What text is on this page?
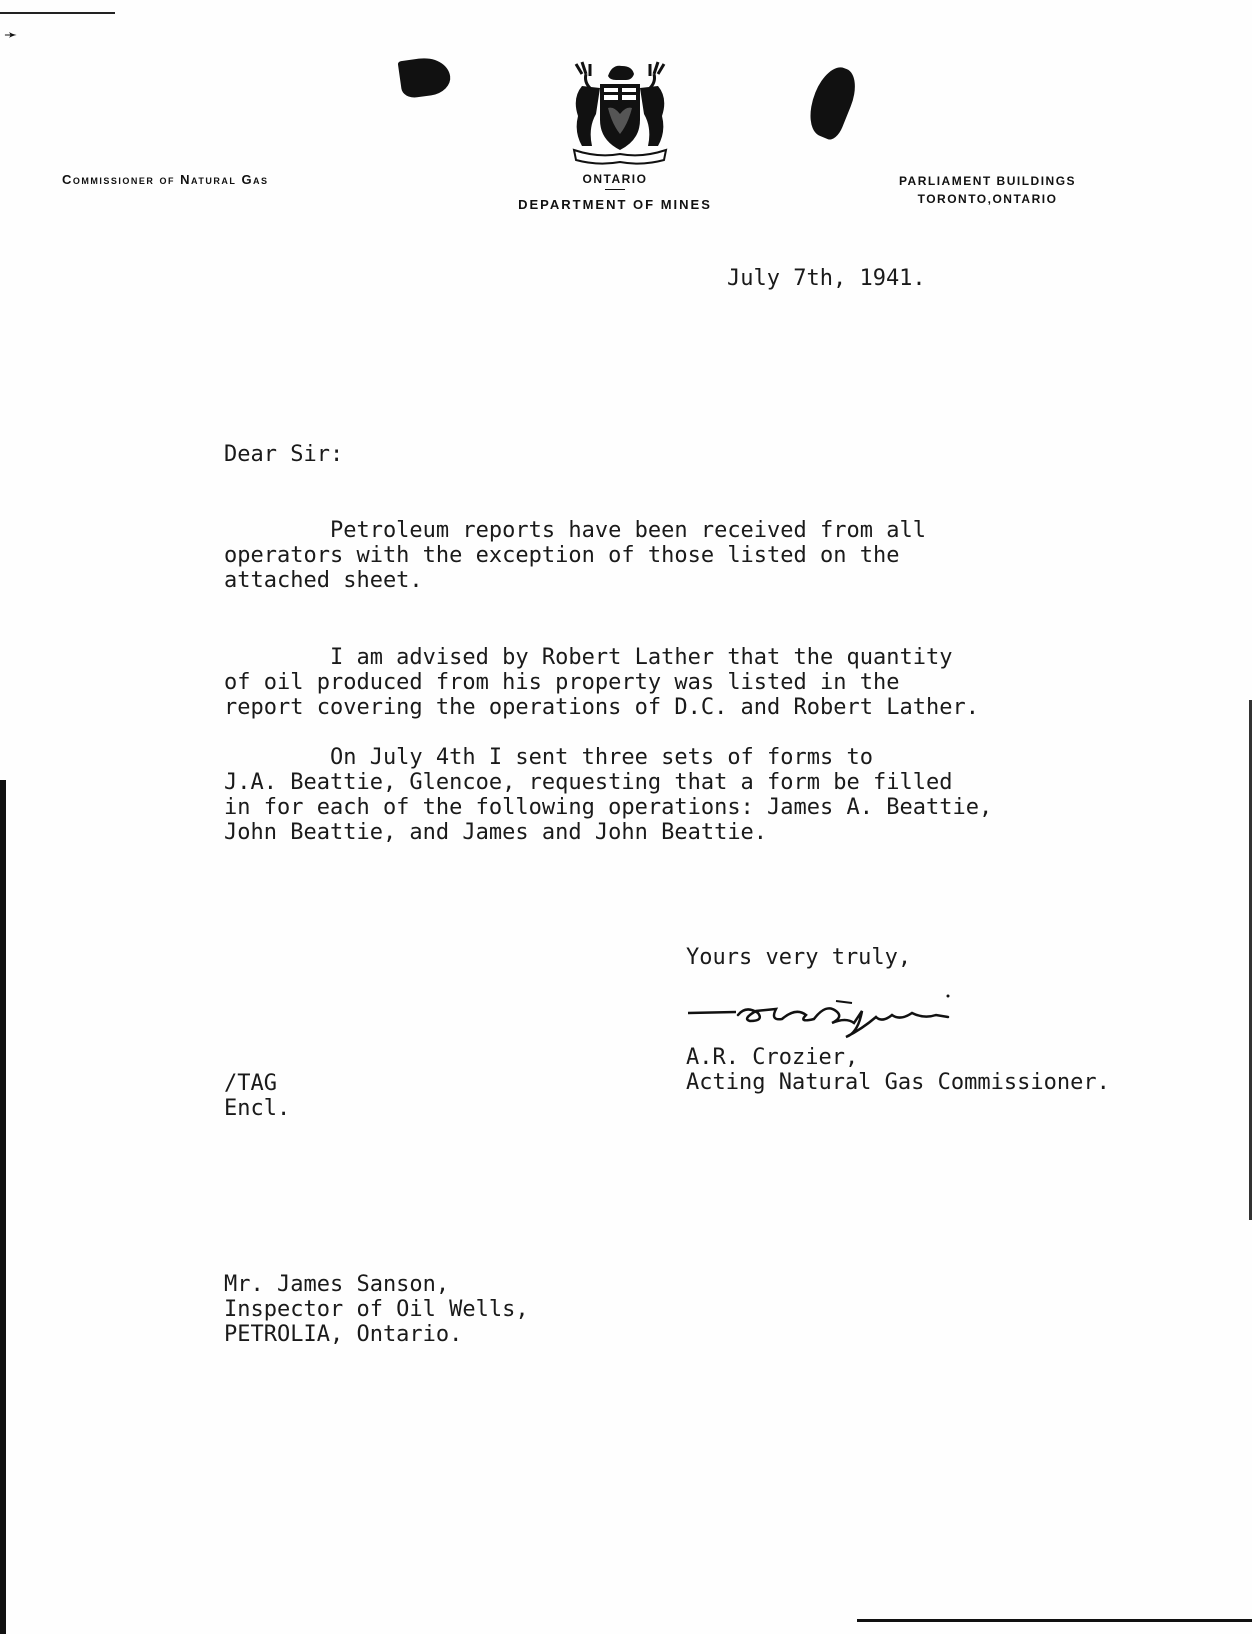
➛
Commissioner of Natural Gas	ONTARIO
DEPARTMENT OF MINES
PARLIAMENT BUILDINGS
TORONTO,ONTARIO
July 7th, 1941.
Dear Sir:
Petroleum reports have been received from all
operators with the exception of those listed on the
attached sheet.
I am advised by Robert Lather that the quantity
of oil produced from his property was listed in the
report covering the operations of D.C. and Robert Lather.
On July 4th I sent three sets of forms to
J.A. Beattie, Glencoe, requesting that a form be filled
in for each of the following operations: James A. Beattie,
John Beattie, and James and John Beattie.
Yours very truly,
A.R. Crozier,
Acting Natural Gas Commissioner.
/TAG
Encl.
Mr. James Sanson,
Inspector of Oil Wells,
PETROLIA, Ontario.
